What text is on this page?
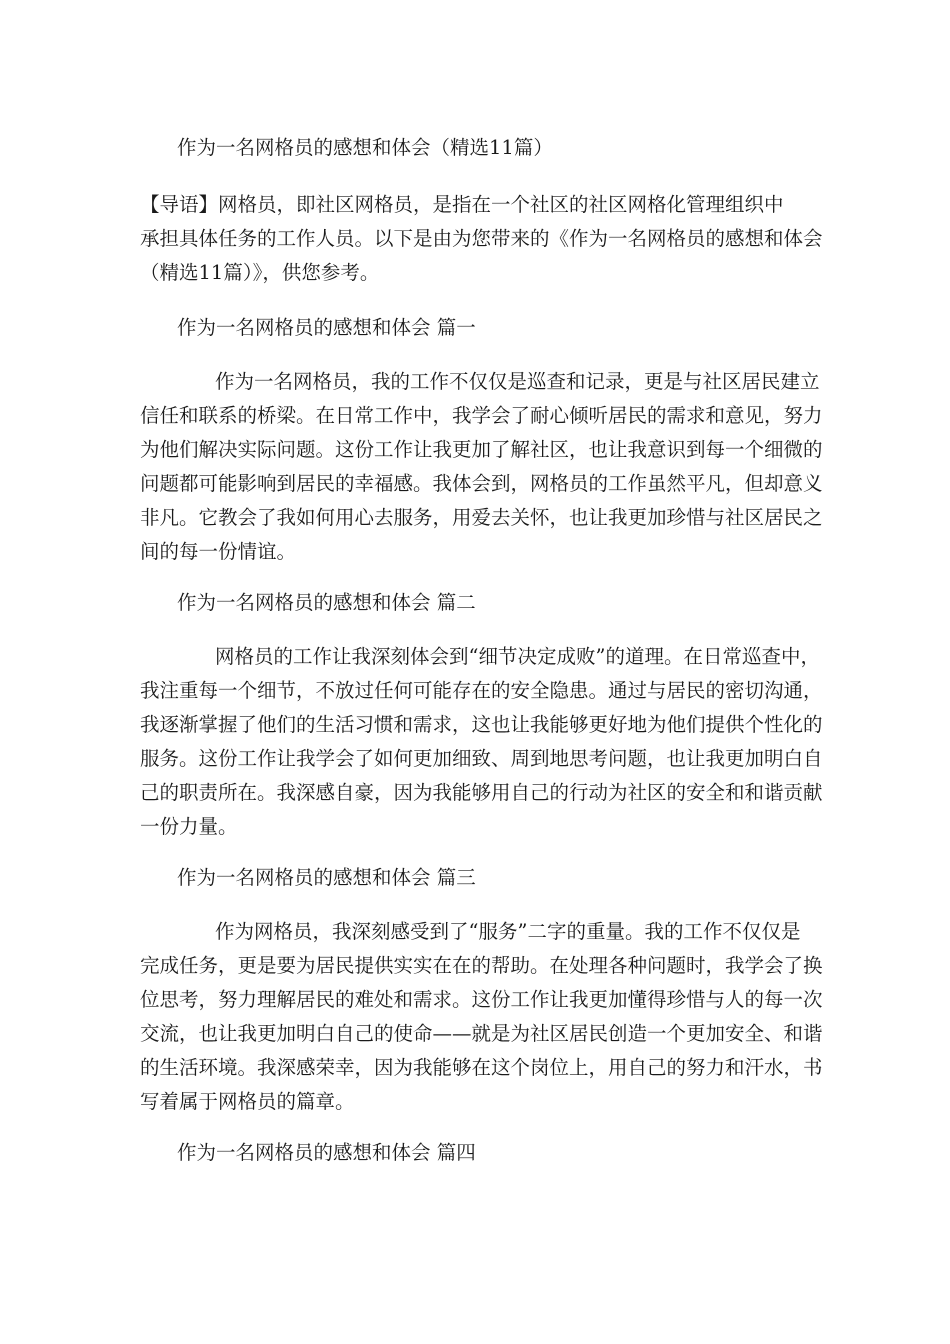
作为一名网格员的感想和体会（精选11篇）

【导语】网格员，即社区网格员，是指在一个社区的社区网格化管理组织中

承担具体任务的工作人员。以下是由为您带来的《作为一名网格员的感想和体会

（精选11篇）》，供您参考。

作为一名网格员的感想和体会 篇一

作为一名网格员，我的工作不仅仅是巡查和记录，更是与社区居民建立

信任和联系的桥梁。在日常工作中，我学会了耐心倾听居民的需求和意见，努力

为他们解决实际问题。这份工作让我更加了解社区，也让我意识到每一个细微的

问题都可能影响到居民的幸福感。我体会到，网格员的工作虽然平凡，但却意义

非凡。它教会了我如何用心去服务，用爱去关怀，也让我更加珍惜与社区居民之

间的每一份情谊。

作为一名网格员的感想和体会 篇二

网格员的工作让我深刻体会到“细节决定成败”的道理。在日常巡查中，

我注重每一个细节，不放过任何可能存在的安全隐患。通过与居民的密切沟通，

我逐渐掌握了他们的生活习惯和需求，这也让我能够更好地为他们提供个性化的

服务。这份工作让我学会了如何更加细致、周到地思考问题，也让我更加明白自

己的职责所在。我深感自豪，因为我能够用自己的行动为社区的安全和和谐贡献

一份力量。

作为一名网格员的感想和体会 篇三

作为网格员，我深刻感受到了“服务”二字的重量。我的工作不仅仅是

完成任务，更是要为居民提供实实在在的帮助。在处理各种问题时，我学会了换

位思考，努力理解居民的难处和需求。这份工作让我更加懂得珍惜与人的每一次

交流，也让我更加明白自己的使命——就是为社区居民创造一个更加安全、和谐

的生活环境。我深感荣幸，因为我能够在这个岗位上，用自己的努力和汗水，书

写着属于网格员的篇章。

作为一名网格员的感想和体会 篇四
